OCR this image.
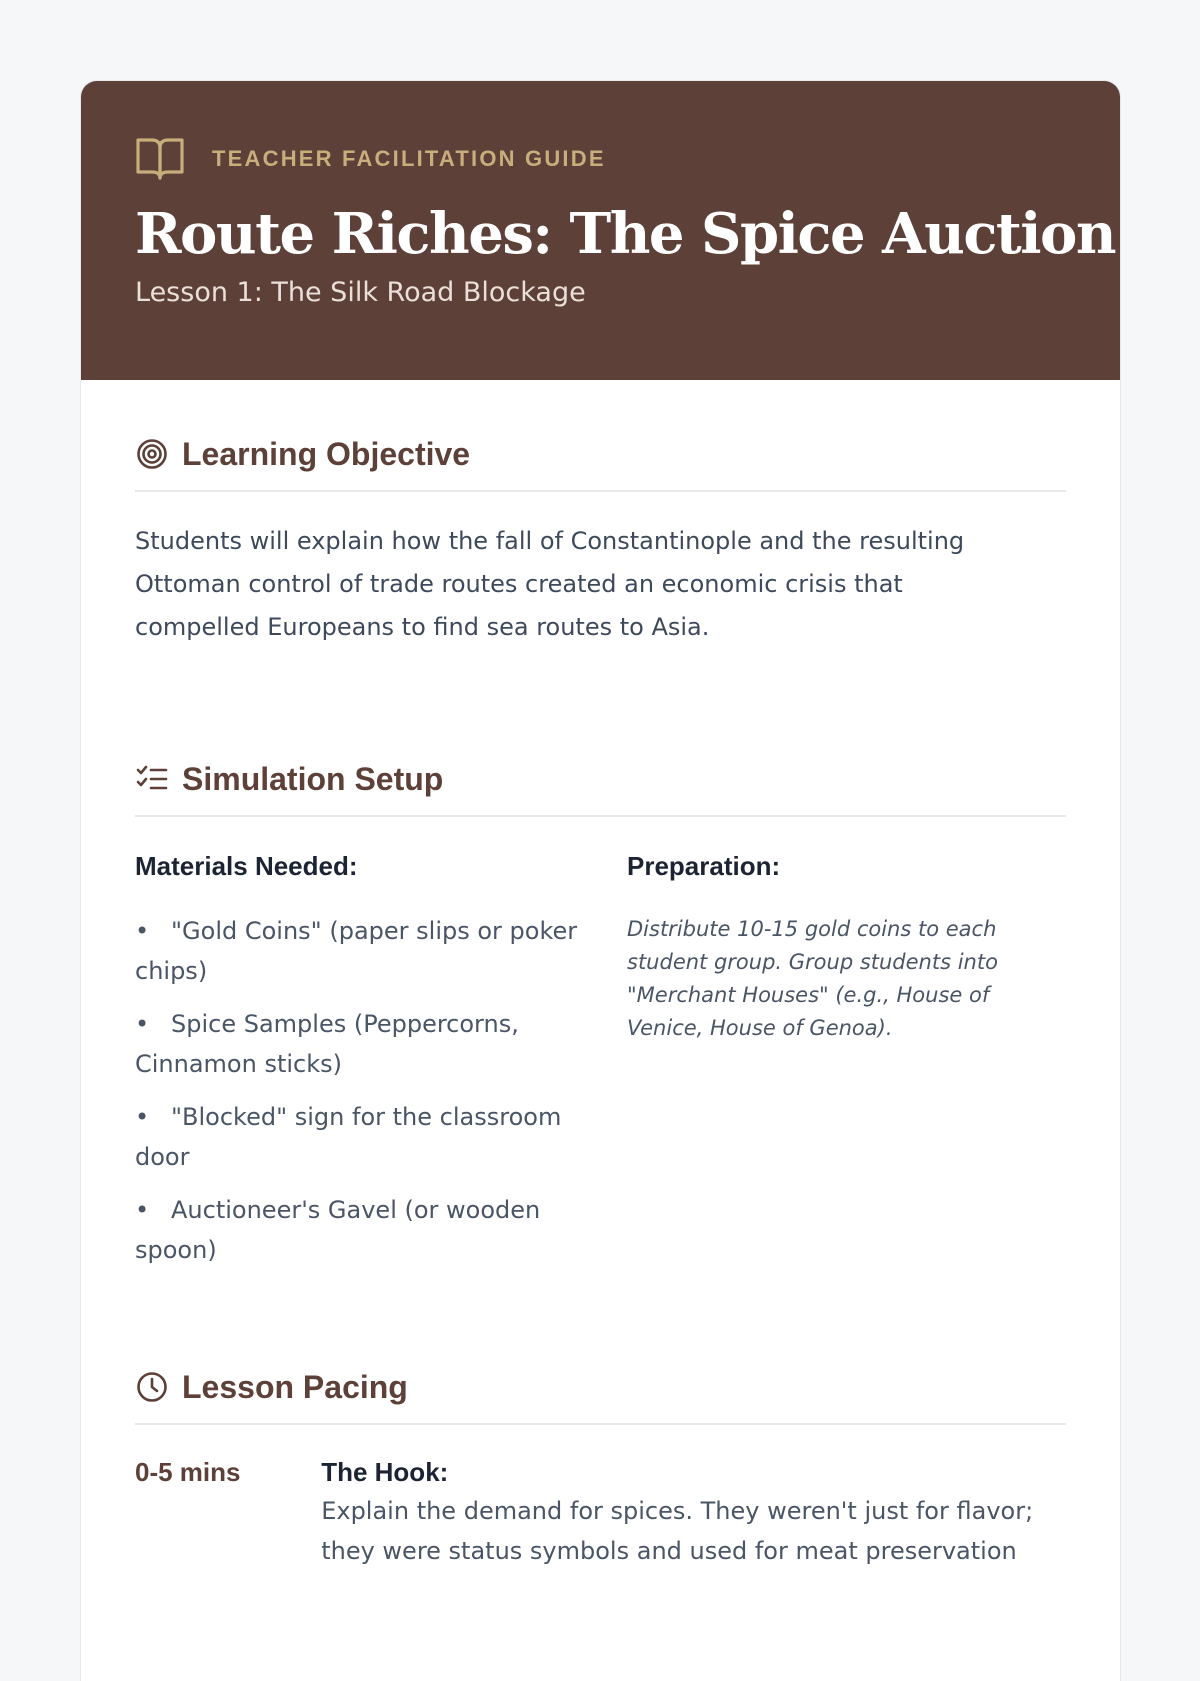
TEACHER FACILITATION GUIDE
Route Riches: The Spice Auction
Lesson 1: The Silk Road Blockage
Learning Objective
Students will explain how the fall of Constantinople and the resulting Ottoman control of trade routes created an economic crisis that compelled Europeans to find sea routes to Asia.
Simulation Setup
Materials Needed:
• "Gold Coins" (paper slips or poker chips)
• Spice Samples (Peppercorns, Cinnamon sticks)
• "Blocked" sign for the classroom door
• Auctioneer's Gavel (or wooden spoon)
Preparation:
Distribute 10-15 gold coins to each student group. Group students into "Merchant Houses" (e.g., House of Venice, House of Genoa).
Lesson Pacing
0-5 mins	The Hook:
Explain the demand for spices. They weren't just for flavor; they were status symbols and used for meat preservation
